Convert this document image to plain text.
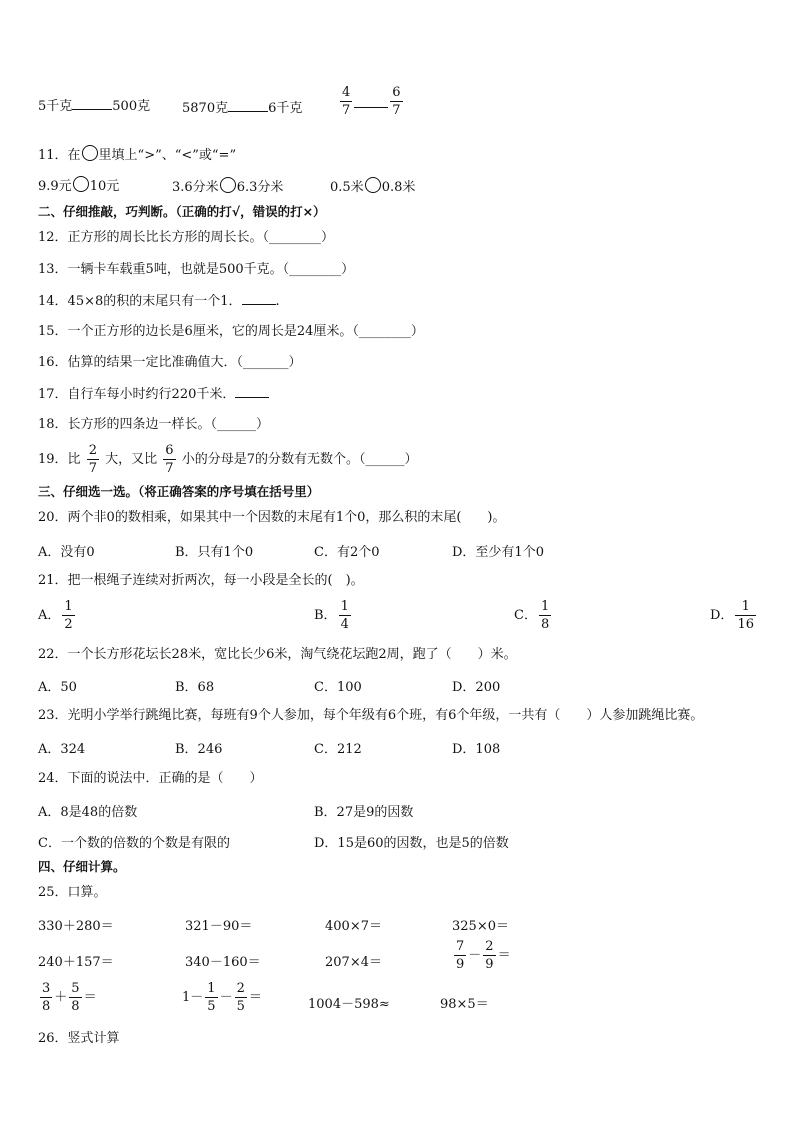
5千克	500克 5870克	6千克	$\frac{4}{7}$	$\frac{6}{7}$
11．在 里填上“>”、“<”或“=”
9.9元 10元	3.6分米 6.3分米	0.5米 0.8米
二、仔细推敲，巧判断。（正确的打√，错误的打×）
12．正方形的周长比长方形的周长长。（________）
13．一辆卡车载重5吨，也就是500千克。（________）
14．45×8的积的末尾只有一个1．	.
15．一个正方形的边长是6厘米，它的周长是24厘米。（________）
16．估算的结果一定比准确值大．（_______）
17．自行车每小时约行220千米．
18．长方形的四条边一样长。（______）
19．比 $\frac{2}{7}$ 大，又比 $\frac{6}{7}$ 小的分母是7的分数有无数个。（______）
三、仔细选一选。（将正确答案的序号填在括号里）
20．两个非0的数相乘，如果其中一个因数的末尾有1个0，那么积的末尾(　　)。
A．没有0	B．只有1个0	C．有2个0	D．至少有1个0
21．把一根绳子连续对折两次，每一小段是全长的(　)。
A． $\frac{1}{2}$	B． $\frac{1}{4}$	C． $\frac{1}{8}$	D． $\frac{1}{16}$
22．一个长方形花坛长28米，宽比长少6米，淘气绕花坛跑2周，跑了（　　）米。
A．50	B．68	C．100	D．200
23．光明小学举行跳绳比赛，每班有9个人参加，每个年级有6个班，有6个年级，一共有（　　）人参加跳绳比赛。
A．324	B．246	C．212	D．108
24．下面的说法中．正确的是（　　）
A．8是48的倍数	B．27是9的因数
C．一个数的倍数的个数是有限的	D．15是60的因数，也是5的倍数
四、仔细计算。
25．口算。
330＋280＝	321－90＝	400×7＝	325×0＝
240＋157＝	340－160＝	207×4＝	$\frac{7}{9} - \frac{2}{9}$ ＝
$\frac{3}{8} + \frac{5}{8}$ ＝	$1- \frac{1}{5} - \frac{2}{5}$ ＝	1004－598≈	98×5＝
26．竖式计算
